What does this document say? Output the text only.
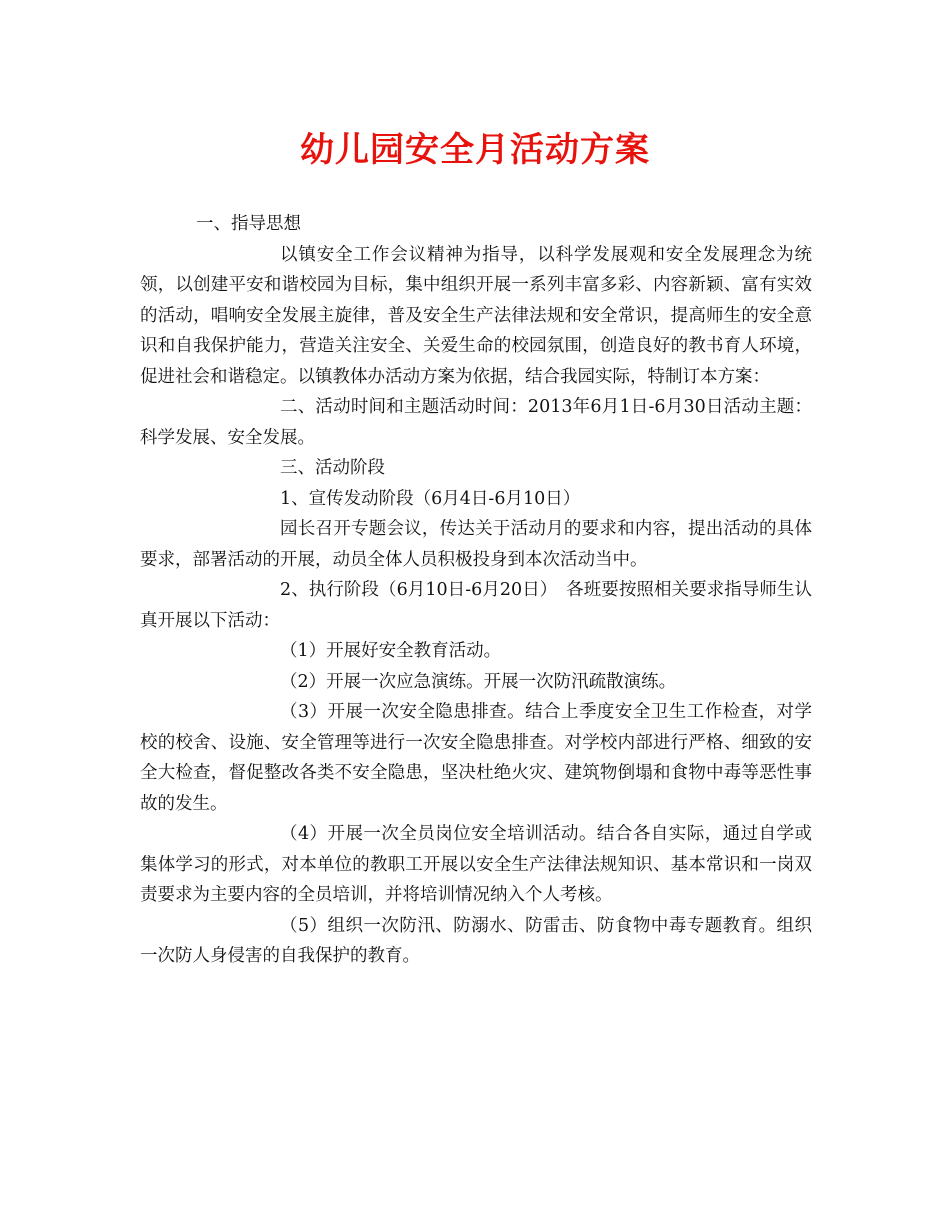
幼儿园安全月活动方案

一、指导思想

以镇安全工作会议精神为指导，以科学发展观和安全发展理念为统领，以创建平安和谐校园为目标，集中组织开展一系列丰富多彩、内容新颖、富有实效的活动，唱响安全发展主旋律，普及安全生产法律法规和安全常识，提高师生的安全意识和自我保护能力，营造关注安全、关爱生命的校园氛围，创造良好的教书育人环境，促进社会和谐稳定。以镇教体办活动方案为依据，结合我园实际，特制订本方案：

二、活动时间和主题活动时间：2013年6月1日-6月30日活动主题：科学发展、安全发展。

三、活动阶段

1、宣传发动阶段（6月4日-6月10日）

园长召开专题会议，传达关于活动月的要求和内容，提出活动的具体要求，部署活动的开展，动员全体人员积极投身到本次活动当中。

2、执行阶段（6月10日-6月20日）　各班要按照相关要求指导师生认真开展以下活动：

（1）开展好安全教育活动。

（2）开展一次应急演练。开展一次防汛疏散演练。

（3）开展一次安全隐患排查。结合上季度安全卫生工作检查，对学校的校舍、设施、安全管理等进行一次安全隐患排查。对学校内部进行严格、细致的安全大检查，督促整改各类不安全隐患，坚决杜绝火灾、建筑物倒塌和食物中毒等恶性事故的发生。

（4）开展一次全员岗位安全培训活动。结合各自实际，通过自学或集体学习的形式，对本单位的教职工开展以安全生产法律法规知识、基本常识和一岗双责要求为主要内容的全员培训，并将培训情况纳入个人考核。

（5）组织一次防汛、防溺水、防雷击、防食物中毒专题教育。组织一次防人身侵害的自我保护的教育。
